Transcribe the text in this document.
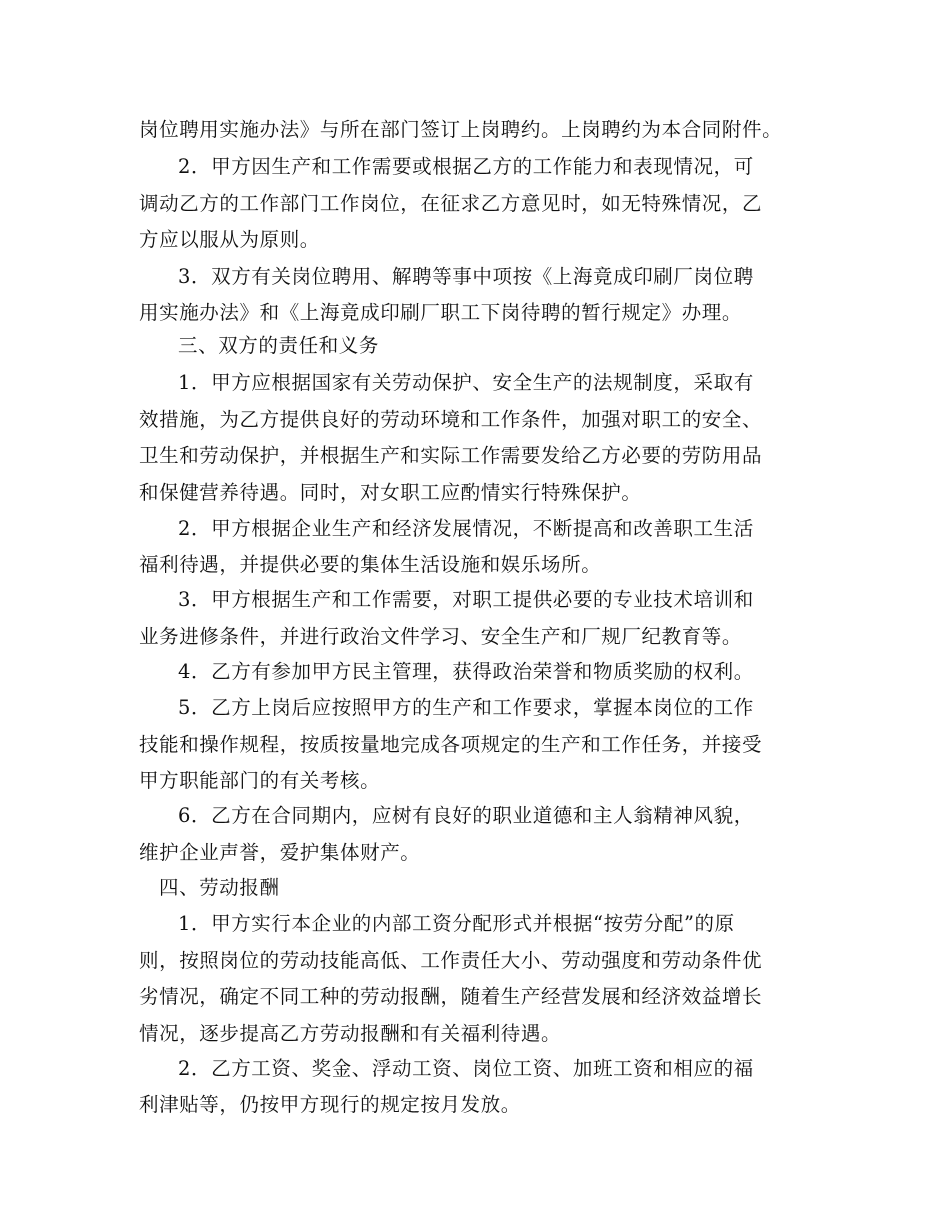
岗位聘用实施办法》与所在部门签订上岗聘约。上岗聘约为本合同附件。
2．甲方因生产和工作需要或根据乙方的工作能力和表现情况，可
调动乙方的工作部门工作岗位，在征求乙方意见时，如无特殊情况，乙
方应以服从为原则。
3．双方有关岗位聘用、解聘等事中项按《上海竟成印刷厂岗位聘
用实施办法》和《上海竟成印刷厂职工下岗待聘的暂行规定》办理。
三、双方的责任和义务
1．甲方应根据国家有关劳动保护、安全生产的法规制度，采取有
效措施，为乙方提供良好的劳动环境和工作条件，加强对职工的安全、
卫生和劳动保护，并根据生产和实际工作需要发给乙方必要的劳防用品
和保健营养待遇。同时，对女职工应酌情实行特殊保护。
2．甲方根据企业生产和经济发展情况，不断提高和改善职工生活
福利待遇，并提供必要的集体生活设施和娱乐场所。
3．甲方根据生产和工作需要，对职工提供必要的专业技术培训和
业务进修条件，并进行政治文件学习、安全生产和厂规厂纪教育等。
4．乙方有参加甲方民主管理，获得政治荣誉和物质奖励的权利。
5．乙方上岗后应按照甲方的生产和工作要求，掌握本岗位的工作
技能和操作规程，按质按量地完成各项规定的生产和工作任务，并接受
甲方职能部门的有关考核。
6．乙方在合同期内，应树有良好的职业道德和主人翁精神风貌，
维护企业声誉，爱护集体财产。
四、劳动报酬
1．甲方实行本企业的内部工资分配形式并根据“按劳分配”的原
则，按照岗位的劳动技能高低、工作责任大小、劳动强度和劳动条件优
劣情况，确定不同工种的劳动报酬，随着生产经营发展和经济效益增长
情况，逐步提高乙方劳动报酬和有关福利待遇。
2．乙方工资、奖金、浮动工资、岗位工资、加班工资和相应的福
利津贴等，仍按甲方现行的规定按月发放。
